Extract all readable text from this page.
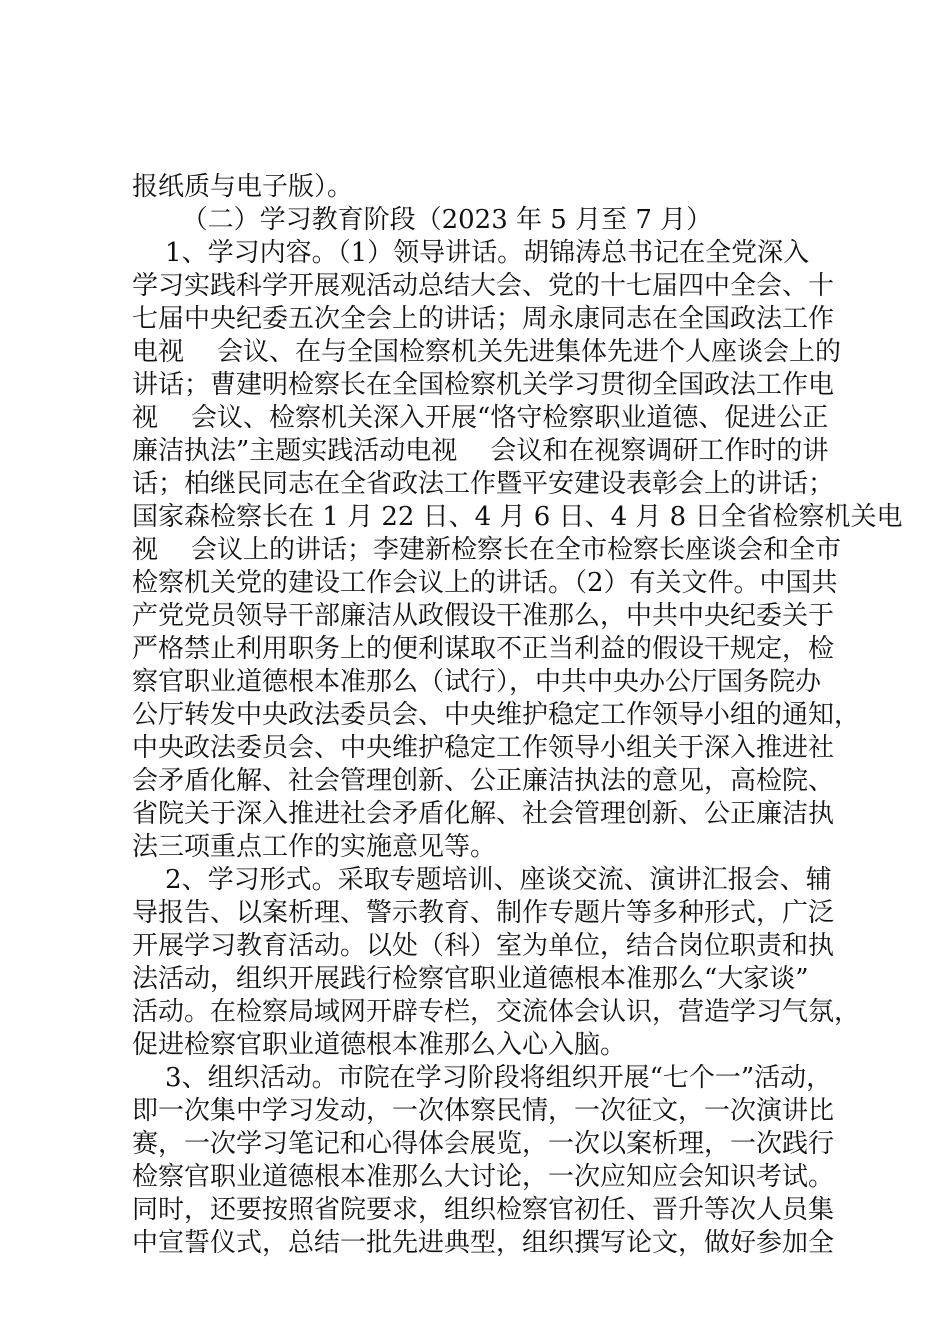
报纸质与电子版）。
（二）学习教育阶段（2023 年 5 月至 7 月）
1、学习内容。（1）领导讲话。胡锦涛总书记在全党深入
学习实践科学开展观活动总结大会、党的十七届四中全会、十
七届中央纪委五次全会上的讲话；周永康同志在全国政法工作
电视    会议、在与全国检察机关先进集体先进个人座谈会上的
讲话；曹建明检察长在全国检察机关学习贯彻全国政法工作电
视    会议、检察机关深入开展“恪守检察职业道德、促进公正
廉洁执法”主题实践活动电视    会议和在视察调研工作时的讲
话；柏继民同志在全省政法工作暨平安建设表彰会上的讲话；
国家森检察长在 1 月 22 日、4 月 6 日、4 月 8 日全省检察机关电
视    会议上的讲话；李建新检察长在全市检察长座谈会和全市
检察机关党的建设工作会议上的讲话。（2）有关文件。中国共
产党党员领导干部廉洁从政假设干准那么，中共中央纪委关于
严格禁止利用职务上的便利谋取不正当利益的假设干规定，检
察官职业道德根本准那么（试行），中共中央办公厅国务院办
公厅转发中央政法委员会、中央维护稳定工作领导小组的通知，
中央政法委员会、中央维护稳定工作领导小组关于深入推进社
会矛盾化解、社会管理创新、公正廉洁执法的意见，高检院、
省院关于深入推进社会矛盾化解、社会管理创新、公正廉洁执
法三项重点工作的实施意见等。
2、学习形式。采取专题培训、座谈交流、演讲汇报会、辅
导报告、以案析理、警示教育、制作专题片等多种形式，广泛
开展学习教育活动。以处（科）室为单位，结合岗位职责和执
法活动，组织开展践行检察官职业道德根本准那么“大家谈”
活动。在检察局域网开辟专栏，交流体会认识，营造学习气氛，
促进检察官职业道德根本准那么入心入脑。
3、组织活动。市院在学习阶段将组织开展“七个一”活动，
即一次集中学习发动，一次体察民情，一次征文，一次演讲比
赛，一次学习笔记和心得体会展览，一次以案析理，一次践行
检察官职业道德根本准那么大讨论，一次应知应会知识考试。
同时，还要按照省院要求，组织检察官初任、晋升等次人员集
中宣誓仪式，总结一批先进典型，组织撰写论文，做好参加全
